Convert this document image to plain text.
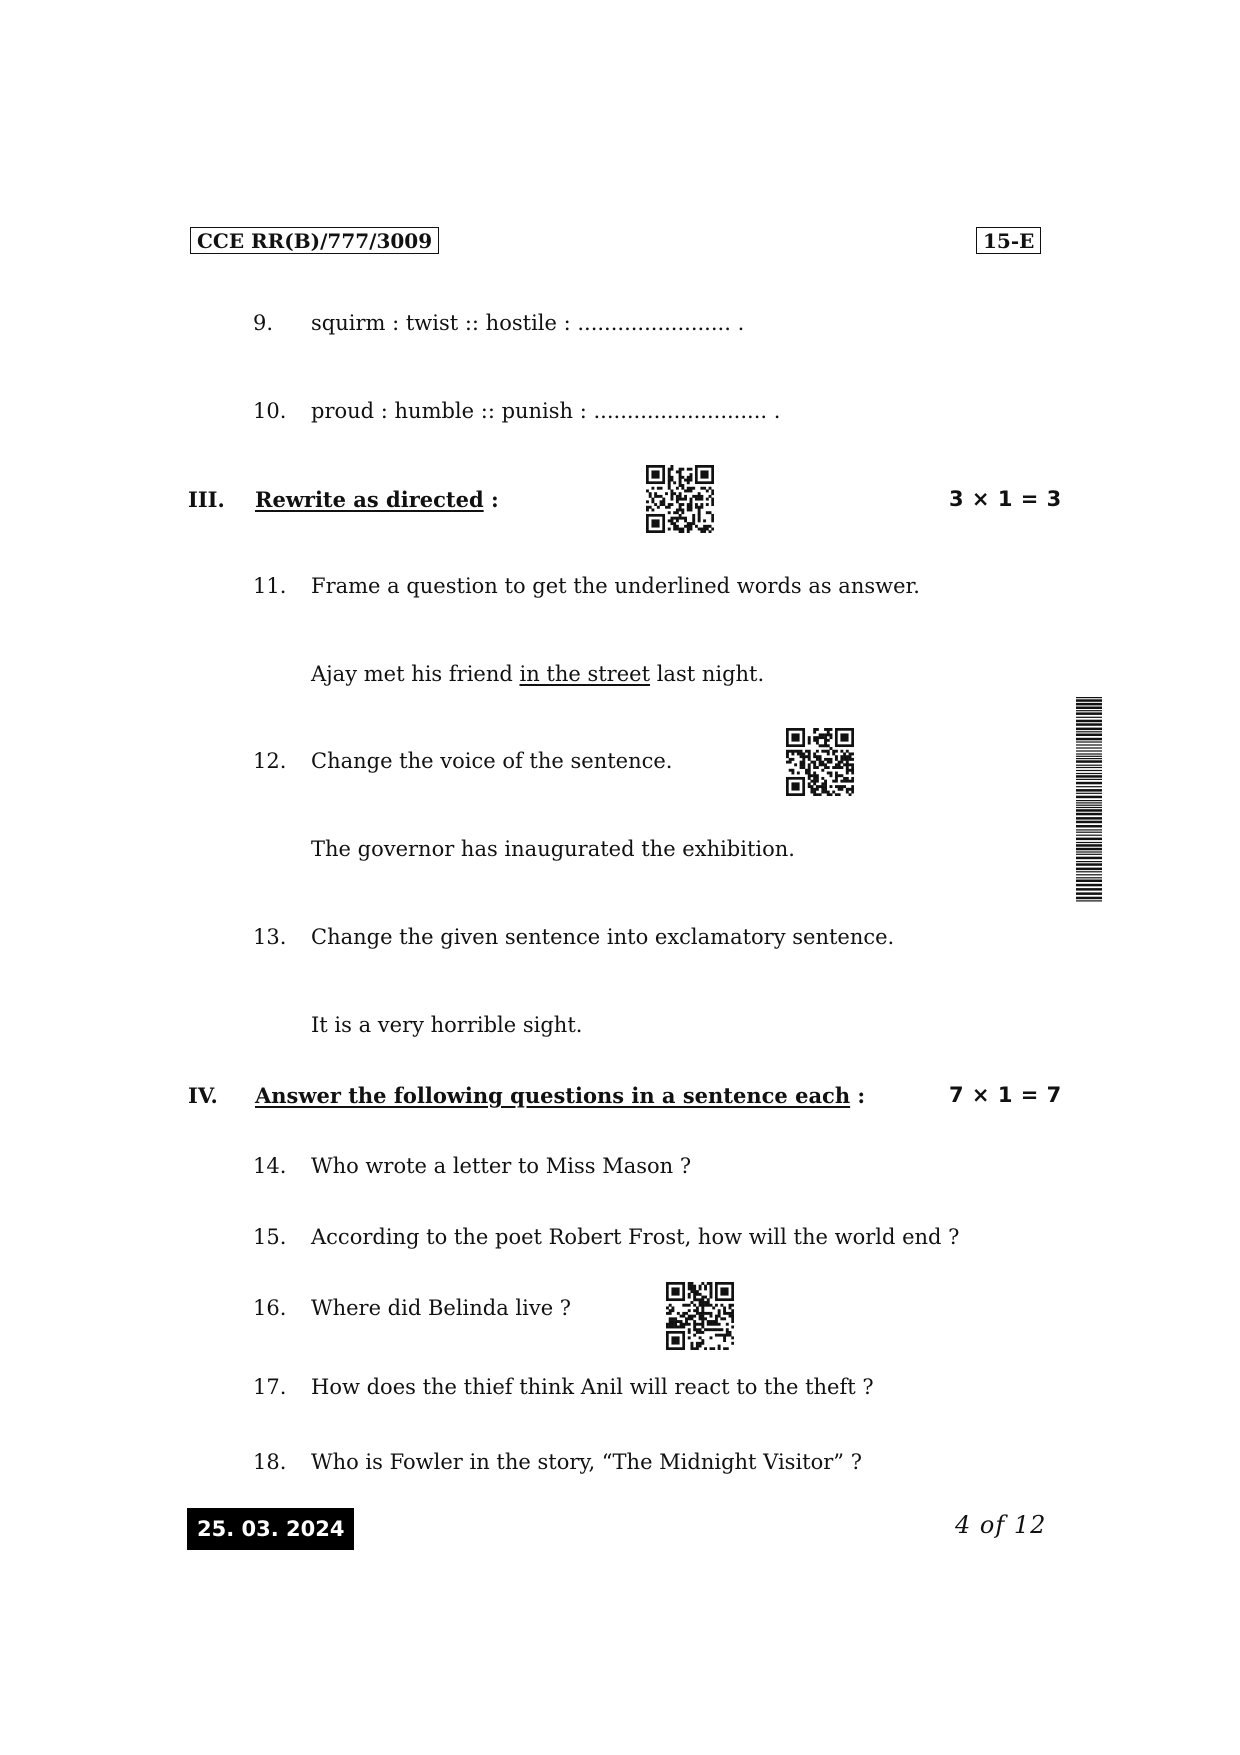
CCE RR(B)/777/3009	15-E
9. squirm : twist :: hostile : ....................... .
10. proud : humble :: punish : .......................... .
III. Rewrite as directed :	3 × 1 = 3
11. Frame a question to get the underlined words as answer.
Ajay met his friend in the street last night.
12. Change the voice of the sentence.
The governor has inaugurated the exhibition.
13. Change the given sentence into exclamatory sentence.
It is a very horrible sight.
IV. Answer the following questions in a sentence each :	7 × 1 = 7
14. Who wrote a letter to Miss Mason ?
15. According to the poet Robert Frost, how will the world end ?
16. Where did Belinda live ?
17. How does the thief think Anil will react to the theft ?
18. Who is Fowler in the story, “The Midnight Visitor” ?
25. 03. 2024	4 of 12
